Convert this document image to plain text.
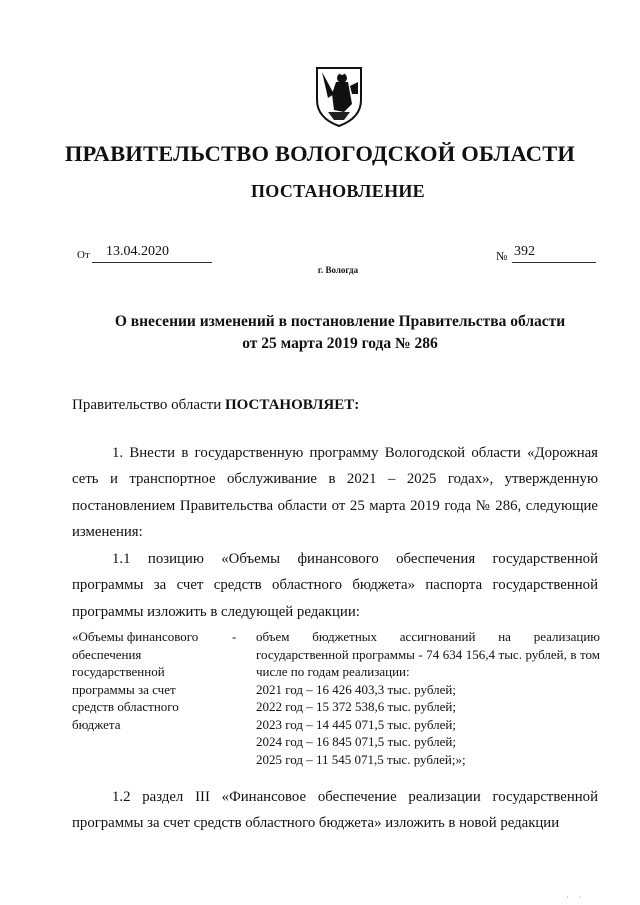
ПРАВИТЕЛЬСТВО ВОЛОГОДСКОЙ ОБЛАСТИ
ПОСТАНОВЛЕНИЕ
От	13.04.2020	№ 392
г. Вологда
О внесении изменений в постановление Правительства области
от 25 марта 2019 года № 286
Правительство области ПОСТАНОВЛЯЕТ:
1. Внести в государственную программу Вологодской области «Дорожная сеть и транспортное обслуживание в 2021 – 2025 годах», утвержденную постановлением Правительства области от 25 марта 2019 года № 286, следующие изменения:
1.1 позицию «Объемы финансового обеспечения государственной программы за счет средств областного бюджета» паспорта государственной программы изложить в следующей редакции:
«Объемы финансового обеспечения государственной программы за счет средств областного бюджета
- объем бюджетных ассигнований на реализацию государственной программы - 74 634 156,4 тыс. рублей, в том числе по годам реализации:
2021 год – 16 426 403,3 тыс. рублей;
2022 год – 15 372 538,6 тыс. рублей;
2023 год – 14 445 071,5 тыс. рублей;
2024 год – 16 845 071,5 тыс. рублей;
2025 год – 11 545 071,5 тыс. рублей;»;
1.2 раздел III «Финансовое обеспечение реализации государственной программы за счет средств областного бюджета» изложить в новой редакции
· ·
